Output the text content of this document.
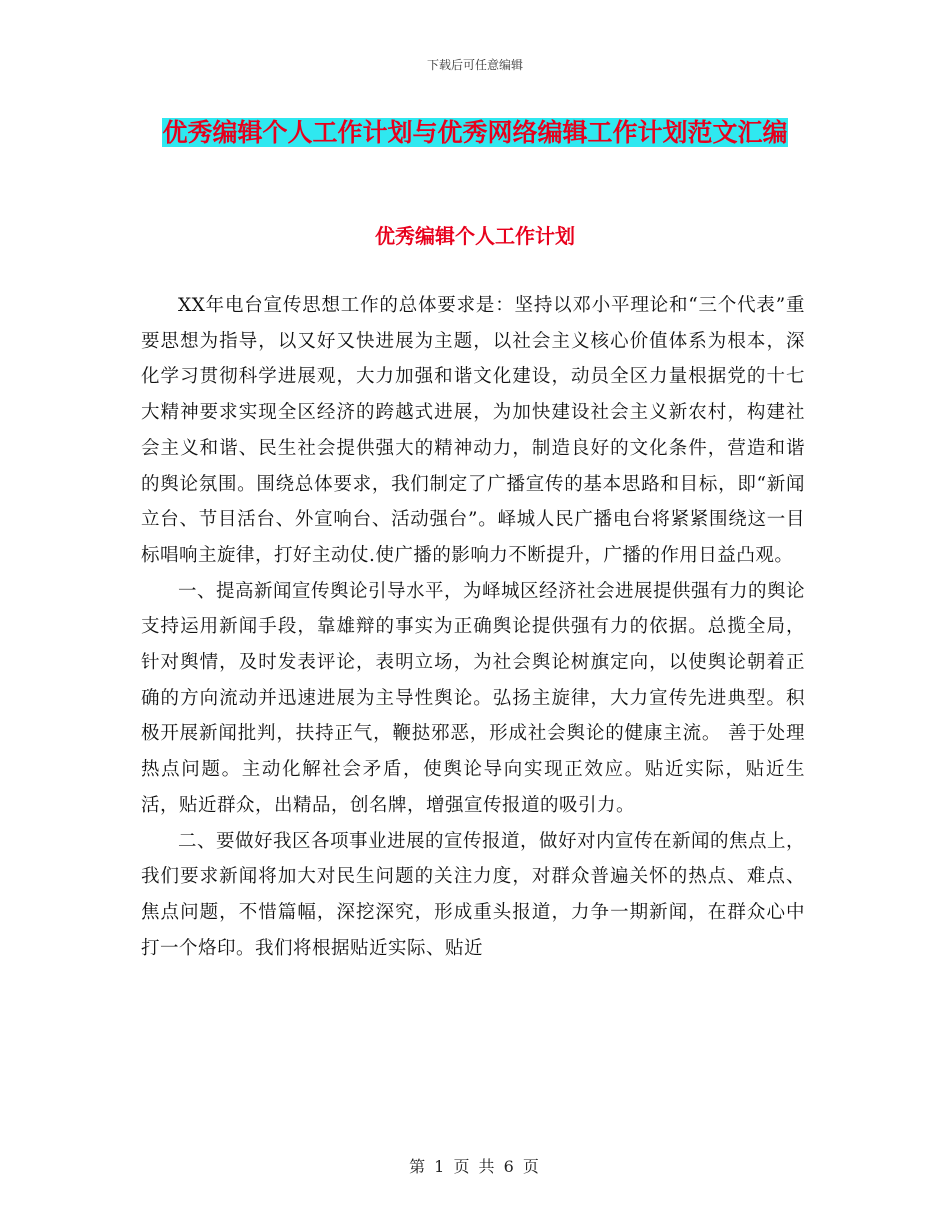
下载后可任意编辑
优秀编辑个人工作计划与优秀网络编辑工作计划范文汇编
优秀编辑个人工作计划

XX年电台宣传思想工作的总体要求是：坚持以邓小平理论和“三个代表”重要思想为指导，以又好又快进展为主题，以社会主义核心价值体系为根本，深化学习贯彻科学进展观，大力加强和谐文化建设，动员全区力量根据党的十七大精神要求实现全区经济的跨越式进展，为加快建设社会主义新农村，构建社会主义和谐、民生社会提供强大的精神动力，制造良好的文化条件，营造和谐的舆论氛围。围绕总体要求，我们制定了广播宣传的基本思路和目标，即“新闻立台、节目活台、外宣响台、活动强台”。峄城人民广播电台将紧紧围绕这一目标唱响主旋律，打好主动仗.使广播的影响力不断提升，广播的作用日益凸观。

一、提高新闻宣传舆论引导水平，为峄城区经济社会进展提供强有力的舆论支持运用新闻手段，靠雄辩的事实为正确舆论提供强有力的依据。总揽全局，针对舆情，及时发表评论，表明立场，为社会舆论树旗定向，以使舆论朝着正确的方向流动并迅速进展为主导性舆论。弘扬主旋律，大力宣传先进典型。积极开展新闻批判，扶持正气，鞭挞邪恶，形成社会舆论的健康主流。 善于处理热点问题。主动化解社会矛盾，使舆论导向实现正效应。贴近实际，贴近生活，贴近群众，出精品，创名牌，增强宣传报道的吸引力。

二、要做好我区各项事业进展的宣传报道，做好对内宣传在新闻的焦点上，我们要求新闻将加大对民生问题的关注力度，对群众普遍关怀的热点、难点、焦点问题，不惜篇幅，深挖深究，形成重头报道，力争一期新闻，在群众心中打一个烙印。我们将根据贴近实际、贴近

第 1 页 共 6 页
